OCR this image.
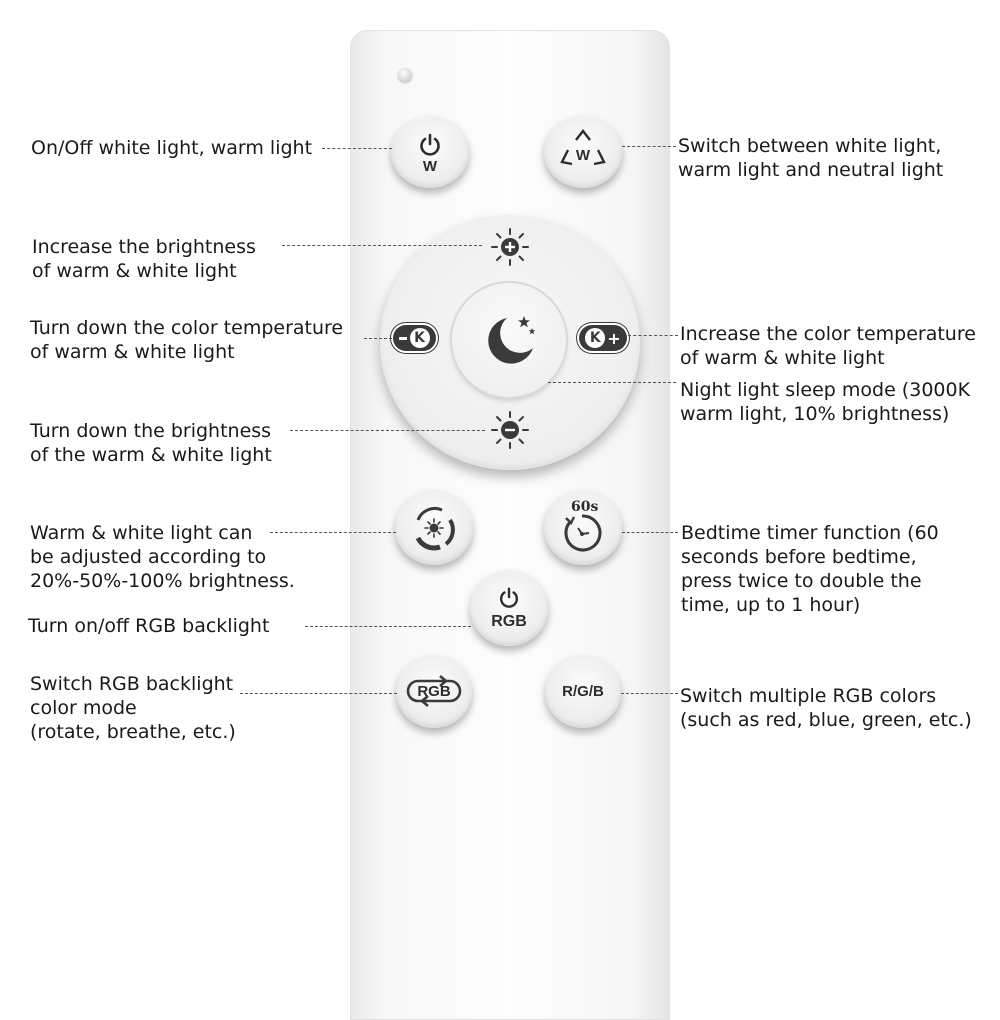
W
W
K	K +
60s
RGB
RGB	R/G/B
On/Off white light, warm light	Switch between white light,
warm light and neutral light
Increase the brightness
of warm & white light
Turn down the color temperature
of warm & white light
Increase the color temperature
of warm & white light
Night light sleep mode (3000K
warm light, 10% brightness)
Turn down the brightness
of the warm & white light
Warm & white light can
be adjusted according to
20%-50%-100% brightness.
Bedtime timer function (60
seconds before bedtime,
press twice to double the
time, up to 1 hour)
Turn on/off RGB backlight
Switch RGB backlight
color mode
(rotate, breathe, etc.)
Switch multiple RGB colors
(such as red, blue, green, etc.)
